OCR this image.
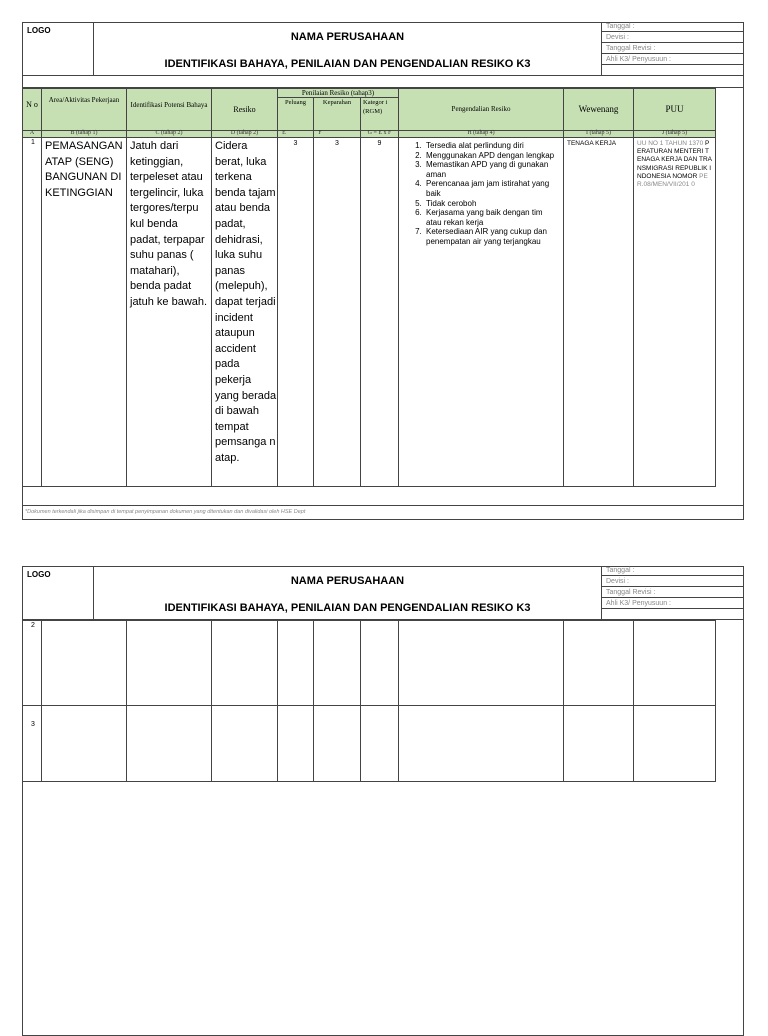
LOGO
NAMA PERUSAHAAN
IDENTIFIKASI BAHAYA, PENILAIAN DAN PENGENDALIAN RESIKO K3
Tanggal :
Devisi :
Tanggal Revisi :
Ahli K3/ Penyusuun :
N o	Area/Aktivitas Pekerjaan
Identifikasi Potensi Bahaya	Resiko
Penilaian Resiko (tahap3)
Peluang	Keparahan	Kategor i (RGM)	Pengendalian Resiko	Wewenang	PUU
A	B (tahap 1)	C (tahap 2)	D (tahap 2)	E	F	G = E x F	H (tahap 4)	I (tahap 5)	J (tahap 5)
1 PEMASANGAN ATAP (SENG) BANGUNAN DI KETINGGIAN
Jatuh dari ketinggian, terpeleset atau tergelincir, luka tergores/terpu kul benda padat, terpapar suhu panas ( matahari), benda padat jatuh ke bawah.
Cidera berat, luka terkena benda tajam atau benda padat, dehidrasi, luka suhu panas (melepuh), dapat terjadi incident ataupun accident pada pekerja yang berada di bawah tempat pemsanga n atap.
3	3	9
1.	Tersedia alat perlindung diri
2. Menggunakan APD dengan lengkap
3. Memastikan APD yang di gunakan aman
4. Perencanaa jam jam istirahat yang baik
5. Tidak ceroboh
6. Kerjasama yang baik dengan tim atau rekan kerja
7. Ketersediaan AIR yang cukup dan penempatan air yang terjangkau
TENAGA KERJA	UU NO 1 TAHUN 1370 PERATURAN MENTERI TENAGA KERJA DAN TRANSMIGRASI REPUBLIK INDONESIA NOMOR PER.08/MEN/VII/201 0
*Dokumen terkendali jika disimpan di tempat penyimpanan dokumen yang ditentukan dan divalidasi oleh HSE Dept
LOGO
NAMA PERUSAHAAN
IDENTIFIKASI BAHAYA, PENILAIAN DAN PENGENDALIAN RESIKO K3
Tanggal :
Devisi :
Tanggal Revisi :
Ahli K3/ Penyusuun :
2
3
